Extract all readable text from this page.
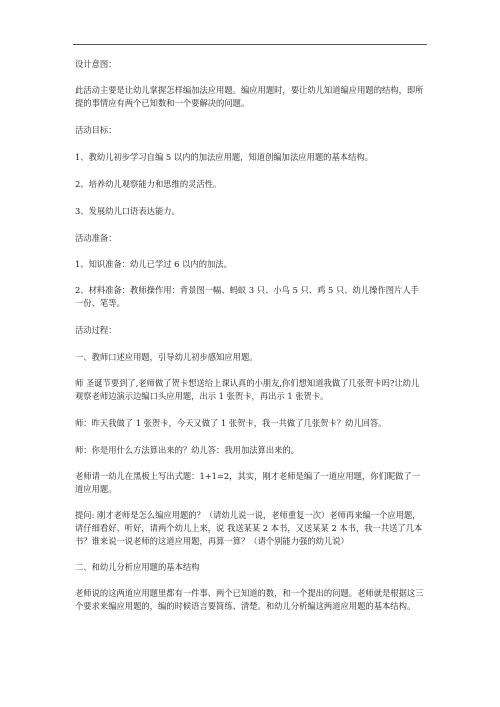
设计意图：

此活动主要是让幼儿掌握怎样编加法应用题。编应用题时，要让幼儿知道编应用题的结构，即所提的事情应有两个已知数和一个要解决的问题。

活动目标：

1、教幼儿初步学习自编 5 以内的加法应用题，知道创编加法应用题的基本结构。

2、培养幼儿观察能力和思维的灵活性。

3、发展幼儿口语表达能力。

活动准备：

1、知识准备：幼儿已学过 6 以内的加法。

2、材料准备：教师操作用：背景图一幅、蚂蚁 3 只、小鸟 5 只、鸡 5 只、幼儿操作图片人手一份、笔等。

活动过程：

一、教师口述应用题，引导幼儿初步感知应用题。

师 圣诞节要到了,老师做了贺卡想送给上课认真的小朋友,你们想知道我做了几张贺卡吗?让幼儿观察老师边演示边编口头应用题，出示 1 张贺卡，再出示 1 张贺卡。

师：昨天我做了 1 张贺卡，今天又做了 1 张贺卡，我一共做了几张贺卡？幼儿回答。

师：你是用什么方法算出来的？幼儿答：我用加法算出来的。

老师请一幼儿在黑板上写出式题：1+1=2，其实，刚才老师是编了一道应用题，你们昵做了一道应用题。

提问: 刚才老师是怎么编应用题的？（请幼儿说一说，老师重复一次）老师再来编一个应用题，请仔细看好、听好，请两个幼儿上来，说 我送某某 2 本书，又送某某 2 本书，我一共送了几本书？谁来说一说老师的这道应用题，再算一算？（请个别能力强的幼儿说）

二、和幼儿分析应用题的基本结构

老师说的这两道应用题里都有一件事、两个已知道的数，和一个提出的问题。老师就是根据这三个要求来编应用题的，编的时候语言要简练、清楚。和幼儿分析编这两道应用题的基本结构。
